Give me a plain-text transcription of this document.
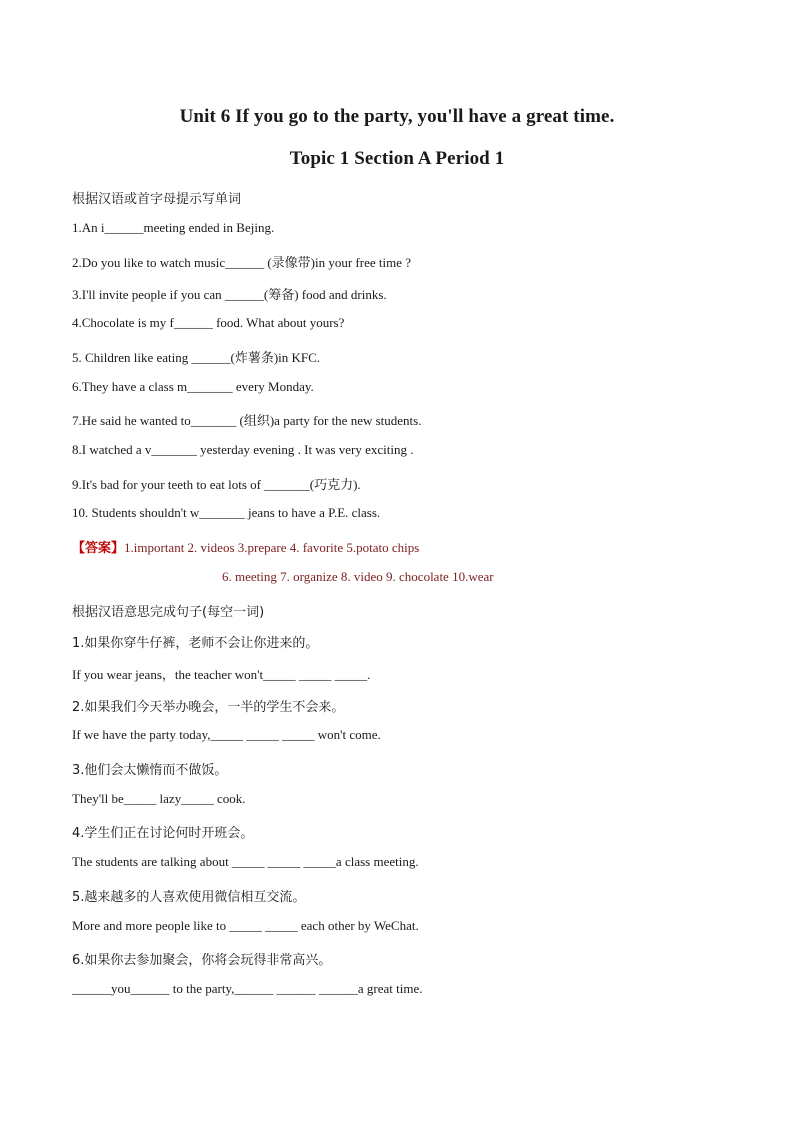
Unit 6 If you go to the party, you'll have a great time.
Topic 1 Section A Period 1
根据汉语或首字母提示写单词
1.An i______meeting ended in Bejing.
2.Do you like to watch music______ (录像带)in your free time ?
3.I'll invite people if you can ______(筹备) food and drinks.
4.Chocolate is my f______ food. What about yours?
5. Children like eating ______(炸薯条)in KFC.
6.They have a class m_______ every Monday.
7.He said he wanted to_______ (组织)a party for the new students.
8.I watched a v_______ yesterday evening . It was very exciting .
9.It's bad for your teeth to eat lots of _______(巧克力).
10. Students shouldn't w_______ jeans to have a P.E. class.
【答案】1.important 2. videos 3.prepare 4. favorite 5.potato chips
6. meeting 7. organize 8. video 9. chocolate 10.wear
根据汉语意思完成句子(每空一词)
1.如果你穿牛仔裤，老师不会让你进来的。
If you wear jeans，the teacher won't_____ _____ _____.
2.如果我们今天举办晚会，一半的学生不会来。
If we have the party today,_____ _____ _____ won't come.
3.他们会太懒惰而不做饭。
They'll be_____ lazy_____ cook.
4.学生们正在讨论何时开班会。
The students are talking about _____ _____ _____a class meeting.
5.越来越多的人喜欢使用微信相互交流。
More and more people like to _____ _____ each other by WeChat.
6.如果你去参加聚会，你将会玩得非常高兴。
______you______ to the party,______ ______ ______a great time.
